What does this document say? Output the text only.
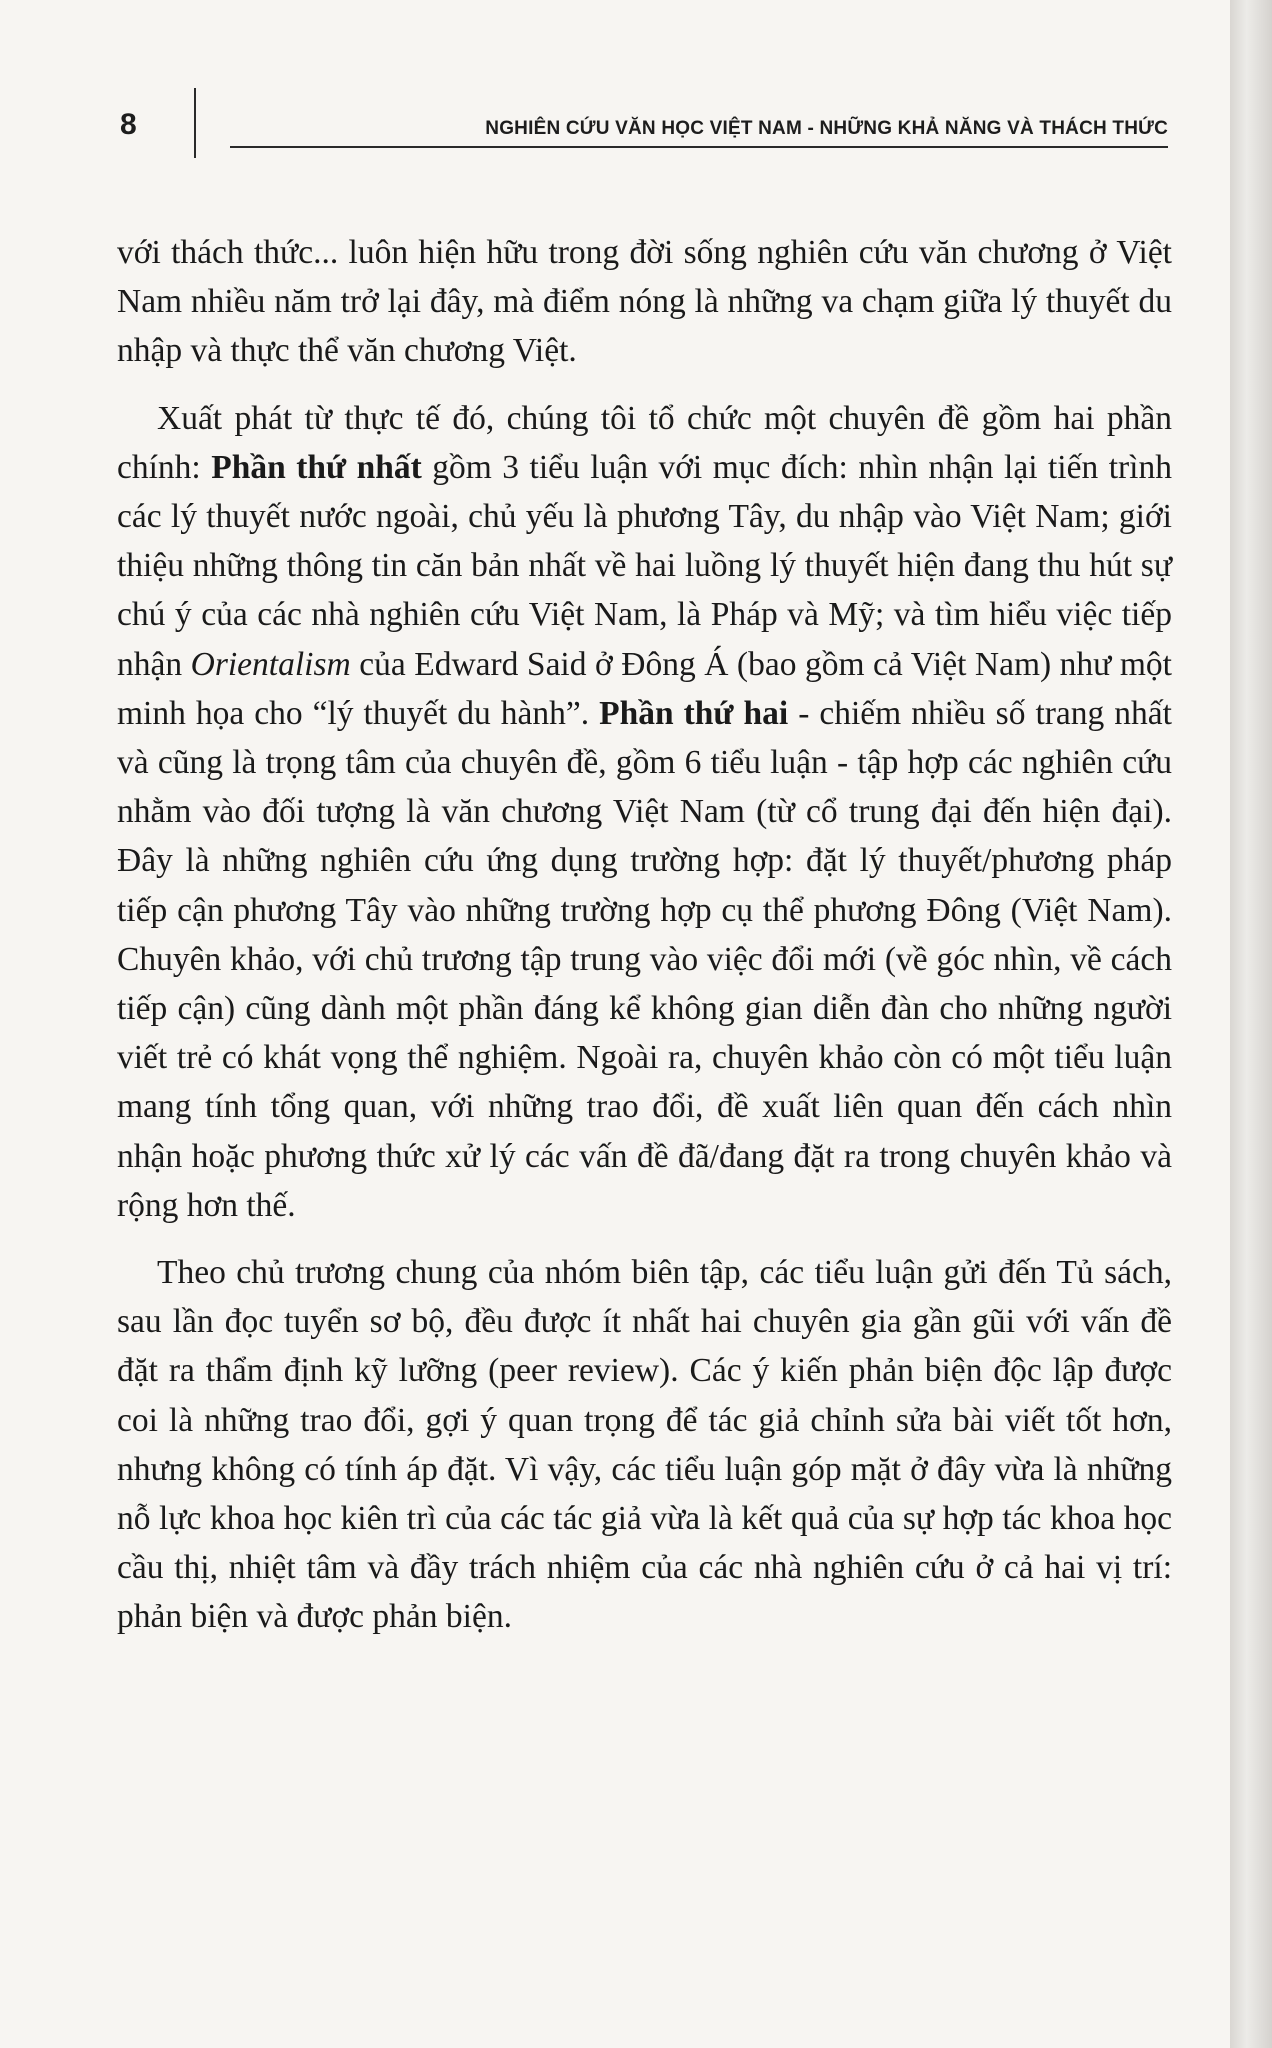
8	NGHIÊN CỨU VĂN HỌC VIỆT NAM - NHỮNG KHẢ NĂNG VÀ THÁCH THỨC

với thách thức... luôn hiện hữu trong đời sống nghiên cứu văn chương ở Việt Nam nhiều năm trở lại đây, mà điểm nóng là những va chạm giữa lý thuyết du nhập và thực thể văn chương Việt.

Xuất phát từ thực tế đó, chúng tôi tổ chức một chuyên đề gồm hai phần chính: Phần thứ nhất gồm 3 tiểu luận với mục đích: nhìn nhận lại tiến trình các lý thuyết nước ngoài, chủ yếu là phương Tây, du nhập vào Việt Nam; giới thiệu những thông tin căn bản nhất về hai luồng lý thuyết hiện đang thu hút sự chú ý của các nhà nghiên cứu Việt Nam, là Pháp và Mỹ; và tìm hiểu việc tiếp nhận Orientalism của Edward Said ở Đông Á (bao gồm cả Việt Nam) như một minh họa cho “lý thuyết du hành”. Phần thứ hai - chiếm nhiều số trang nhất và cũng là trọng tâm của chuyên đề, gồm 6 tiểu luận - tập hợp các nghiên cứu nhằm vào đối tượng là văn chương Việt Nam (từ cổ trung đại đến hiện đại). Đây là những nghiên cứu ứng dụng trường hợp: đặt lý thuyết/phương pháp tiếp cận phương Tây vào những trường hợp cụ thể phương Đông (Việt Nam). Chuyên khảo, với chủ trương tập trung vào việc đổi mới (về góc nhìn, về cách tiếp cận) cũng dành một phần đáng kể không gian diễn đàn cho những người viết trẻ có khát vọng thể nghiệm. Ngoài ra, chuyên khảo còn có một tiểu luận mang tính tổng quan, với những trao đổi, đề xuất liên quan đến cách nhìn nhận hoặc phương thức xử lý các vấn đề đã/đang đặt ra trong chuyên khảo và rộng hơn thế.

Theo chủ trương chung của nhóm biên tập, các tiểu luận gửi đến Tủ sách, sau lần đọc tuyển sơ bộ, đều được ít nhất hai chuyên gia gần gũi với vấn đề đặt ra thẩm định kỹ lưỡng (peer review). Các ý kiến phản biện độc lập được coi là những trao đổi, gợi ý quan trọng để tác giả chỉnh sửa bài viết tốt hơn, nhưng không có tính áp đặt. Vì vậy, các tiểu luận góp mặt ở đây vừa là những nỗ lực khoa học kiên trì của các tác giả vừa là kết quả của sự hợp tác khoa học cầu thị, nhiệt tâm và đầy trách nhiệm của các nhà nghiên cứu ở cả hai vị trí: phản biện và được phản biện.
